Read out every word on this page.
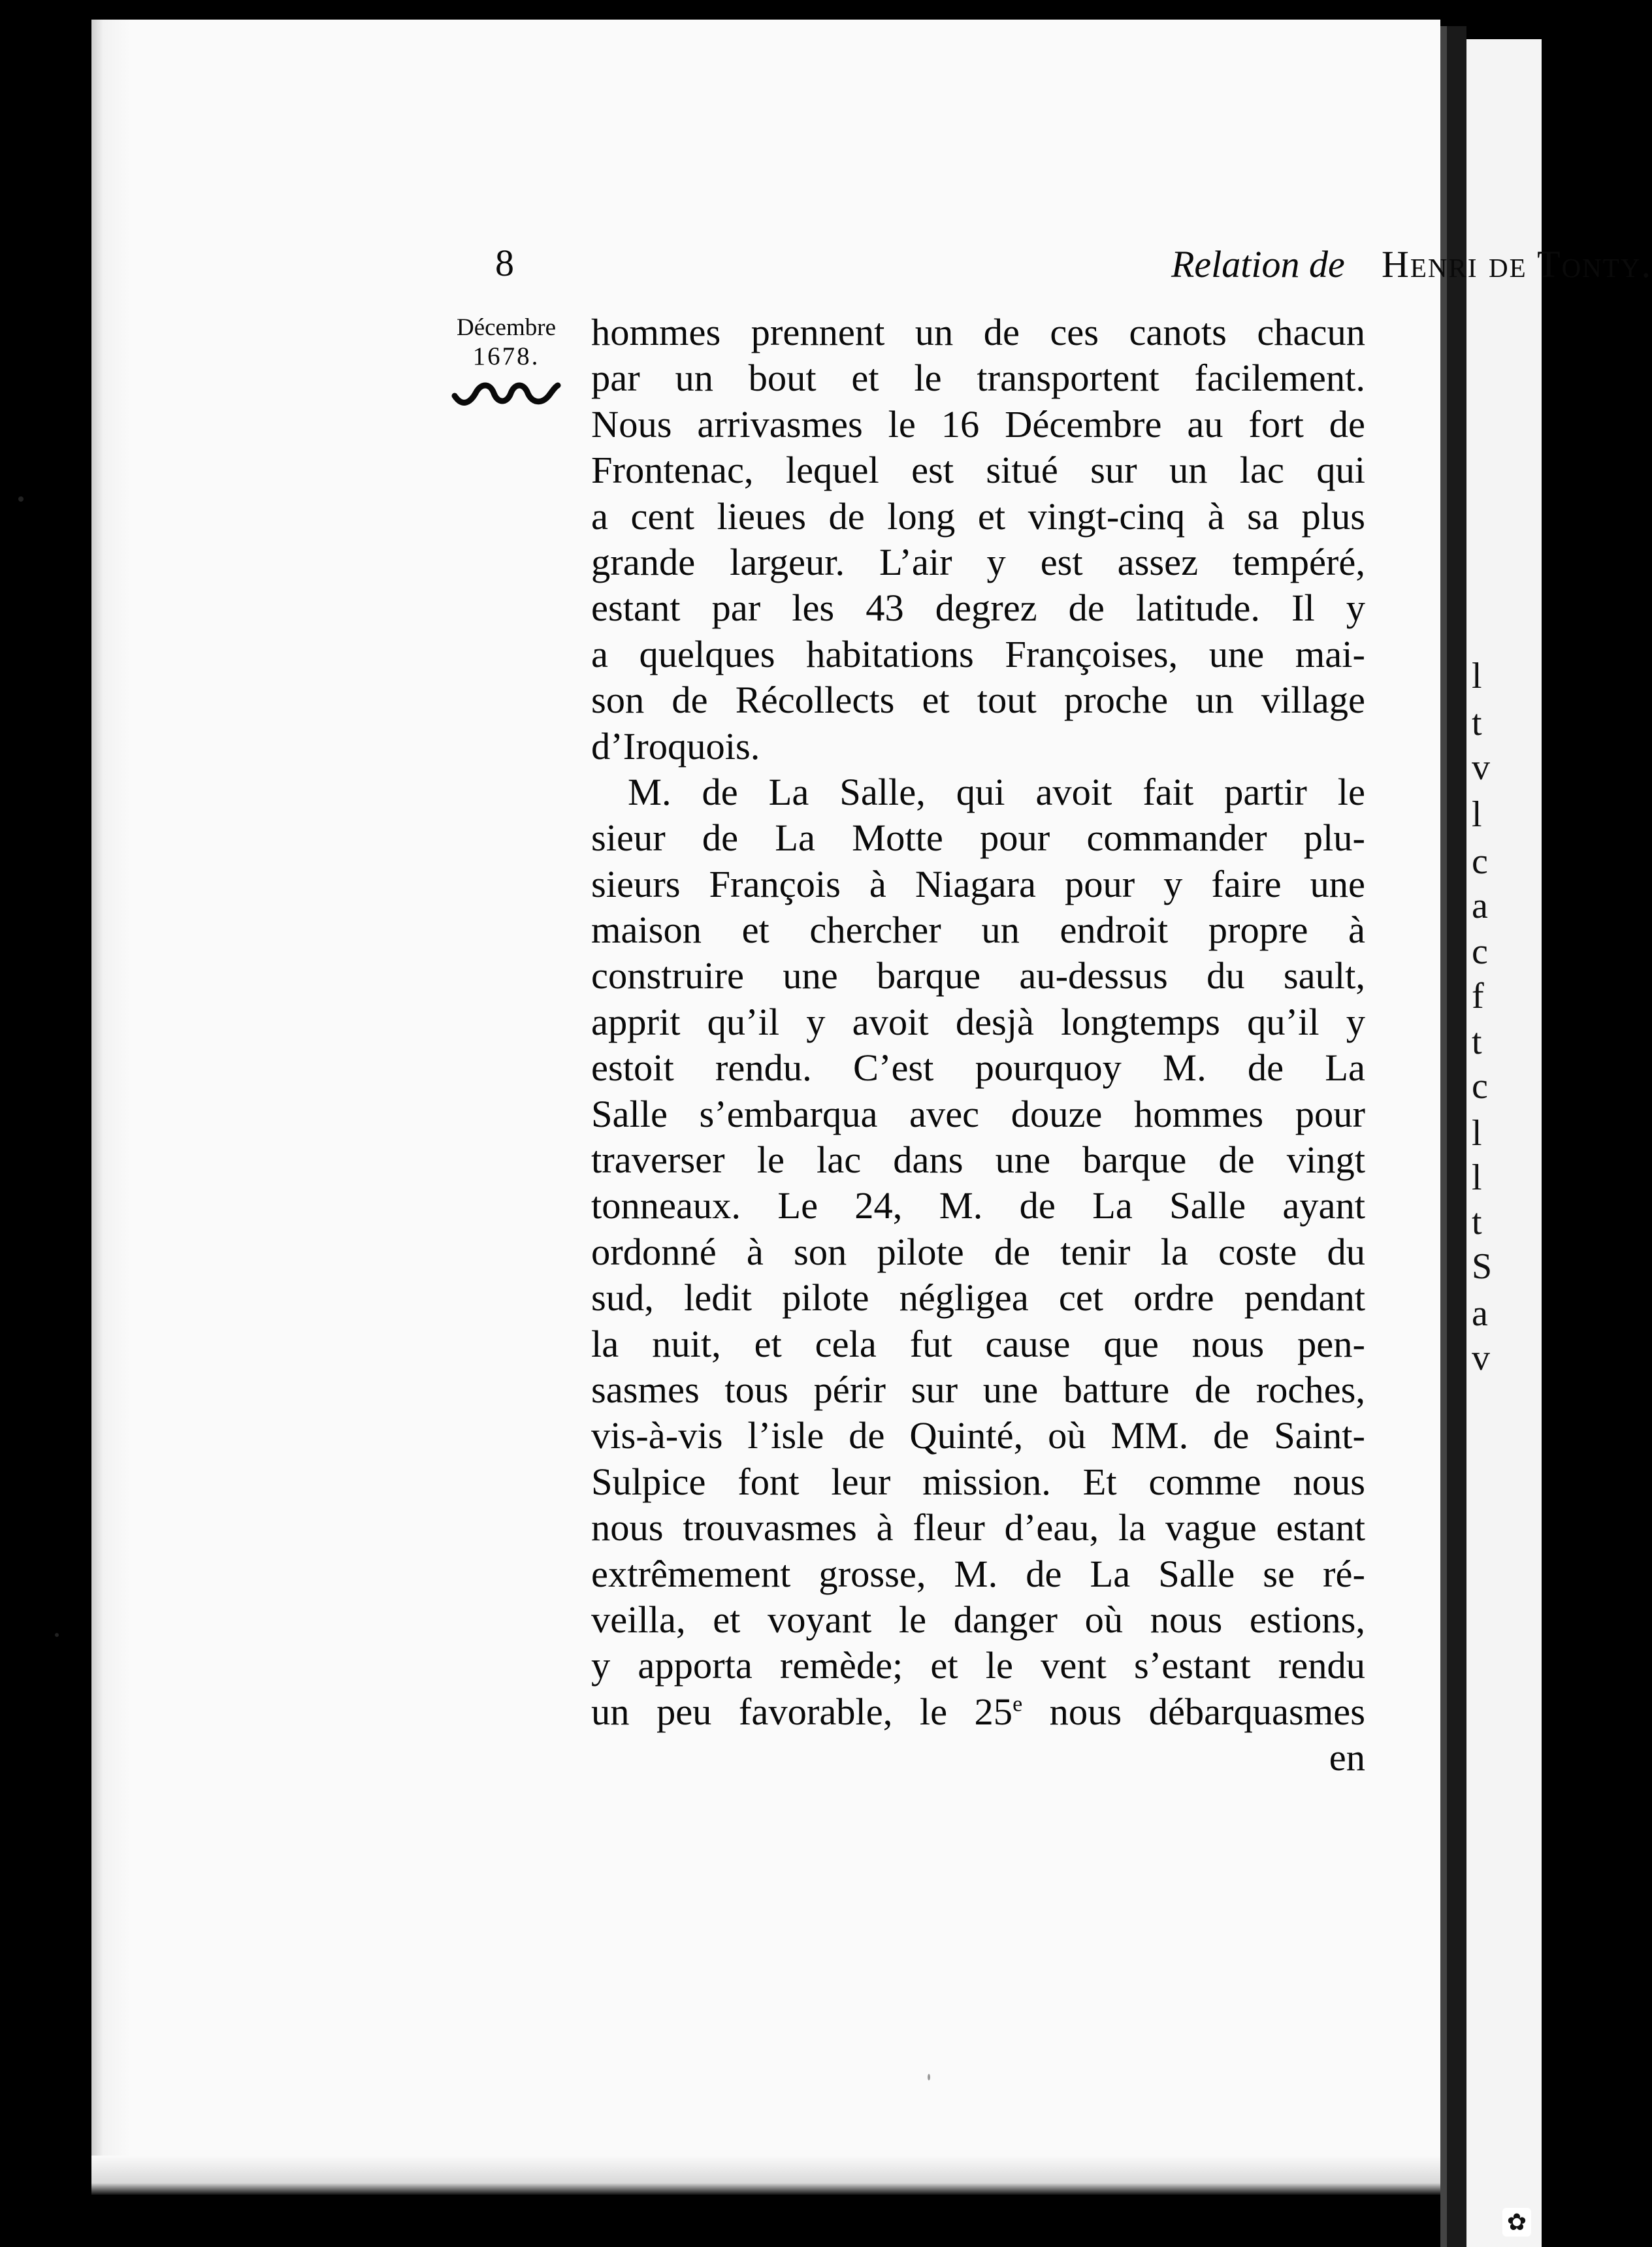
l
t
v
l
c
a
c
f
t
c
l
l
t
S
a
v
8	Relation de Henri de Tonty.
Décembre
1678.
hommes prennent un de ces canots chacun
par un bout et le transportent facilement.
Nous arrivasmes le 16 Décembre au fort de
Frontenac, lequel est situé sur un lac qui
a cent lieues de long et vingt-cinq à sa plus
grande largeur. L’air y est assez tempéré,
estant par les 43 degrez de latitude. Il y
a quelques habitations Françoises, une mai-
son de Récollects et tout proche un village
d’Iroquois.
M. de La Salle, qui avoit fait partir le
sieur de La Motte pour commander plu-
sieurs François à Niagara pour y faire une
maison et chercher un endroit propre à
construire une barque au-dessus du sault,
apprit qu’il y avoit desjà longtemps qu’il y
estoit rendu. C’est pourquoy M. de La
Salle s’embarqua avec douze hommes pour
traverser le lac dans une barque de vingt
tonneaux. Le 24, M. de La Salle ayant
ordonné à son pilote de tenir la coste du
sud, ledit pilote négligea cet ordre pendant
la nuit, et cela fut cause que nous pen-
sasmes tous périr sur une batture de roches,
vis-à-vis l’isle de Quinté, où MM. de Saint-
Sulpice font leur mission. Et comme nous
nous trouvasmes à fleur d’eau, la vague estant
extrêmement grosse, M. de La Salle se ré-
veilla, et voyant le danger où nous estions,
y apporta remède; et le vent s’estant rendu
un peu favorable, le 25e nous débarquasmes
en
✿
